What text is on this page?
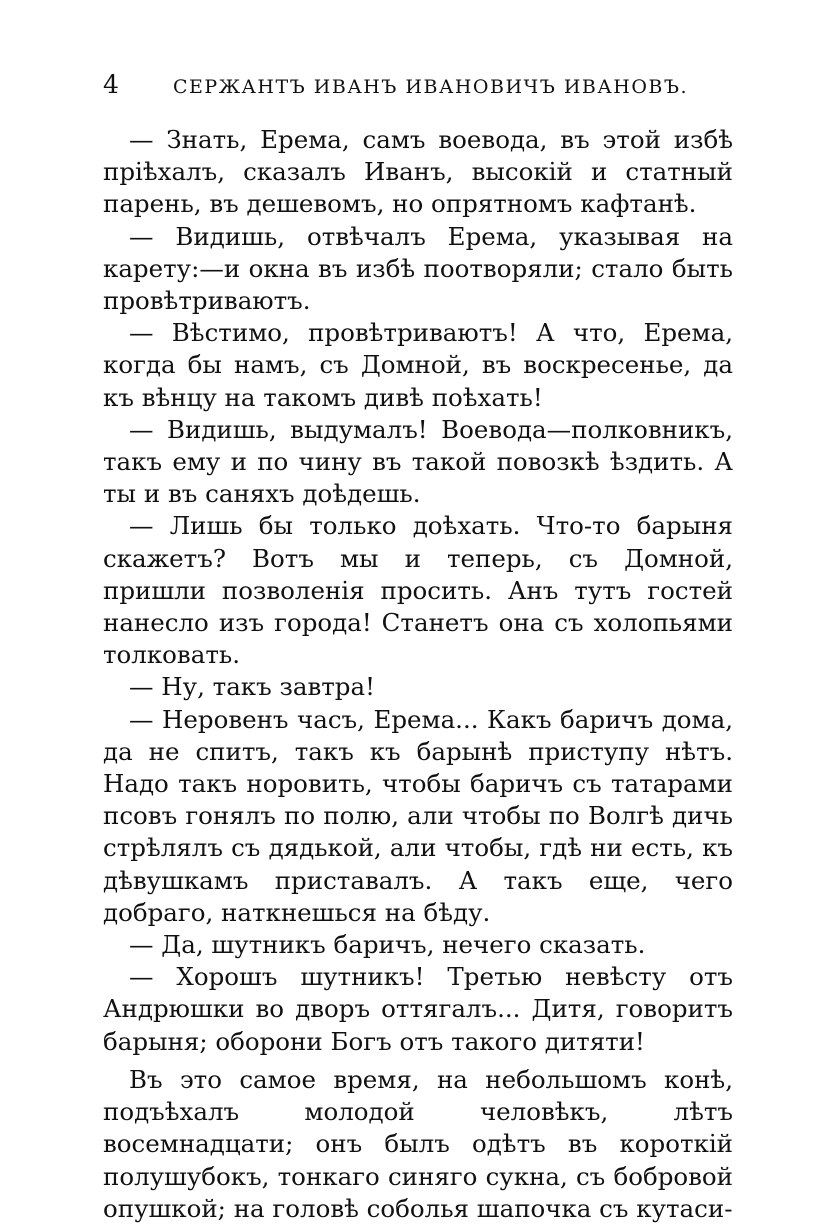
4	СЕРЖАНТЪ ИВАНЪ ИВАНОВИЧЪ ИВАНОВЪ.

— Знать, Ерема, самъ воевода, въ этой избѣ пріѣхалъ, сказалъ Иванъ, высокій и статный парень, въ дешевомъ, но опрятномъ кафтанѣ.

— Видишь, отвѣчалъ Ерема, указывая на карету:—и окна въ избѣ поотворяли; стало быть провѣтриваютъ.

— Вѣстимо, провѣтриваютъ! А что, Ерема, когда бы намъ, съ Домной, въ воскресенье, да къ вѣнцу на такомъ дивѣ поѣхать!

— Видишь, выдумалъ! Воевода—полковникъ, такъ ему и по чину въ такой повозкѣ ѣздить. А ты и въ саняхъ доѣдешь.

— Лишь бы только доѣхать. Что-то барыня скажетъ? Вотъ мы и теперь, съ Домной, пришли позволенія просить. Анъ тутъ гостей нанесло изъ города! Станетъ она съ холопьями толковать.

— Ну, такъ завтра!

— Неровенъ часъ, Ерема... Какъ баричъ дома, да не спитъ, такъ къ барынѣ приступу нѣтъ. Надо такъ норовить, чтобы баричъ съ татарами псовъ гонялъ по полю, али чтобы по Волгѣ дичь стрѣлялъ съ дядькой, али чтобы, гдѣ ни есть, къ дѣвушкамъ приставалъ. А такъ еще, чего добраго, наткнешься на бѣду.

— Да, шутникъ баричъ, нечего сказать.

— Хорошъ шутникъ! Третью невѣсту отъ Андрюшки во дворъ оттягалъ... Дитя, говоритъ барыня; оборони Богъ отъ такого дитяти!

Въ это самое время, на небольшомъ конѣ, подъѣхалъ молодой человѣкъ, лѣтъ восемнадцати; онъ былъ одѣтъ въ короткій полушубокъ, тонкаго синяго сукна, съ бобровой опушкой; на головѣ соболья шапочка съ кутаси-
